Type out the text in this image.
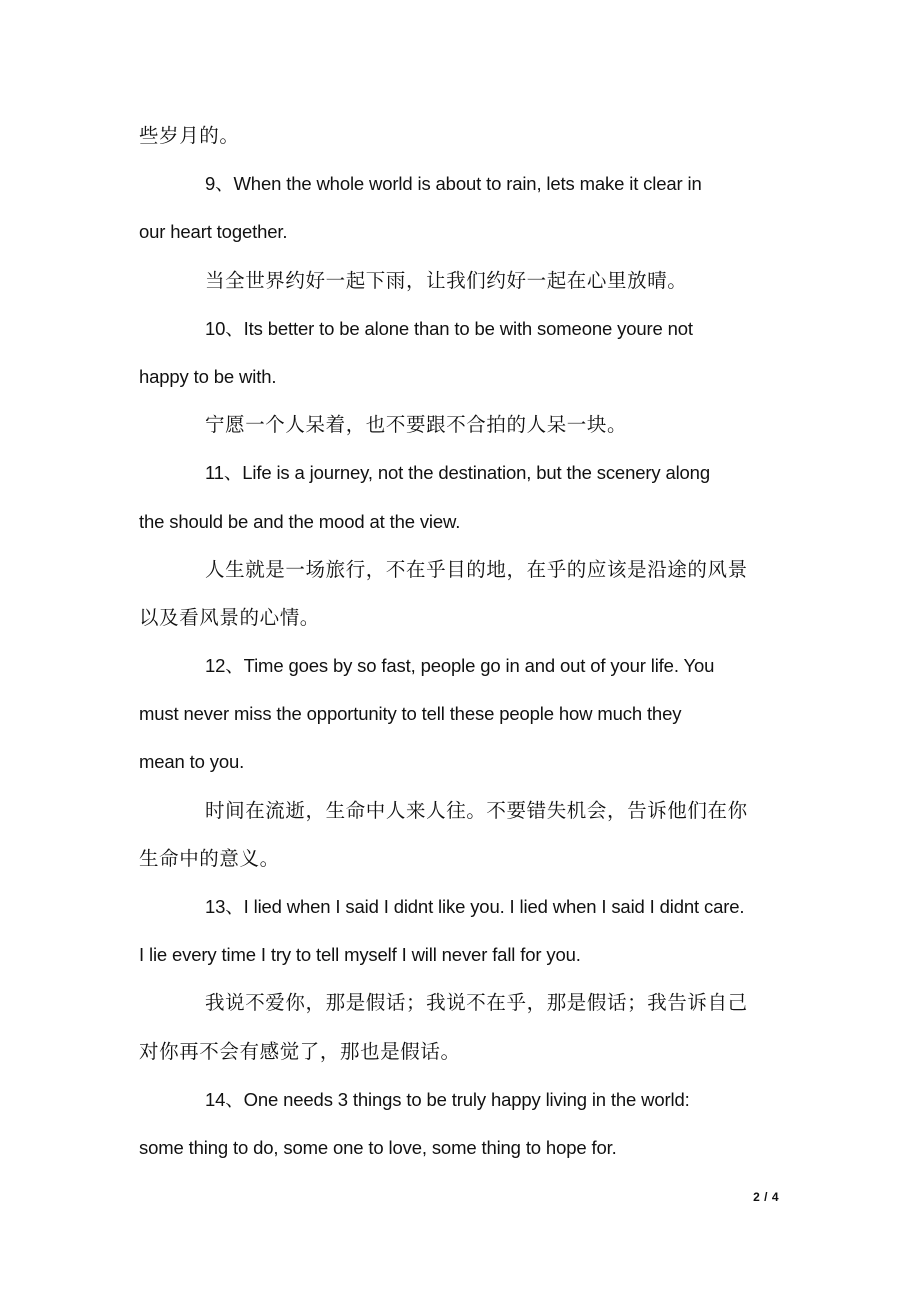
些岁月的。
9、When the whole world is about to rain, lets make it clear in
our heart together.
当全世界约好一起下雨，让我们约好一起在心里放晴。
10、Its better to be alone than to be with someone youre not
happy to be with.
宁愿一个人呆着，也不要跟不合拍的人呆一块。
11、Life is a journey, not the destination, but the scenery along
the should be and the mood at the view.
人生就是一场旅行，不在乎目的地，在乎的应该是沿途的风景
以及看风景的心情。
12、Time goes by so fast, people go in and out of your life. You
must never miss the opportunity to tell these people how much they
mean to you.
时间在流逝，生命中人来人往。不要错失机会，告诉他们在你
生命中的意义。
13、I lied when I said I didnt like you. I lied when I said I didnt care.
I lie every time I try to tell myself I will never fall for you.
我说不爱你，那是假话；我说不在乎，那是假话；我告诉自己
对你再不会有感觉了，那也是假话。
14、One needs 3 things to be truly happy living in the world:
some thing to do, some one to love, some thing to hope for.
2 / 4
